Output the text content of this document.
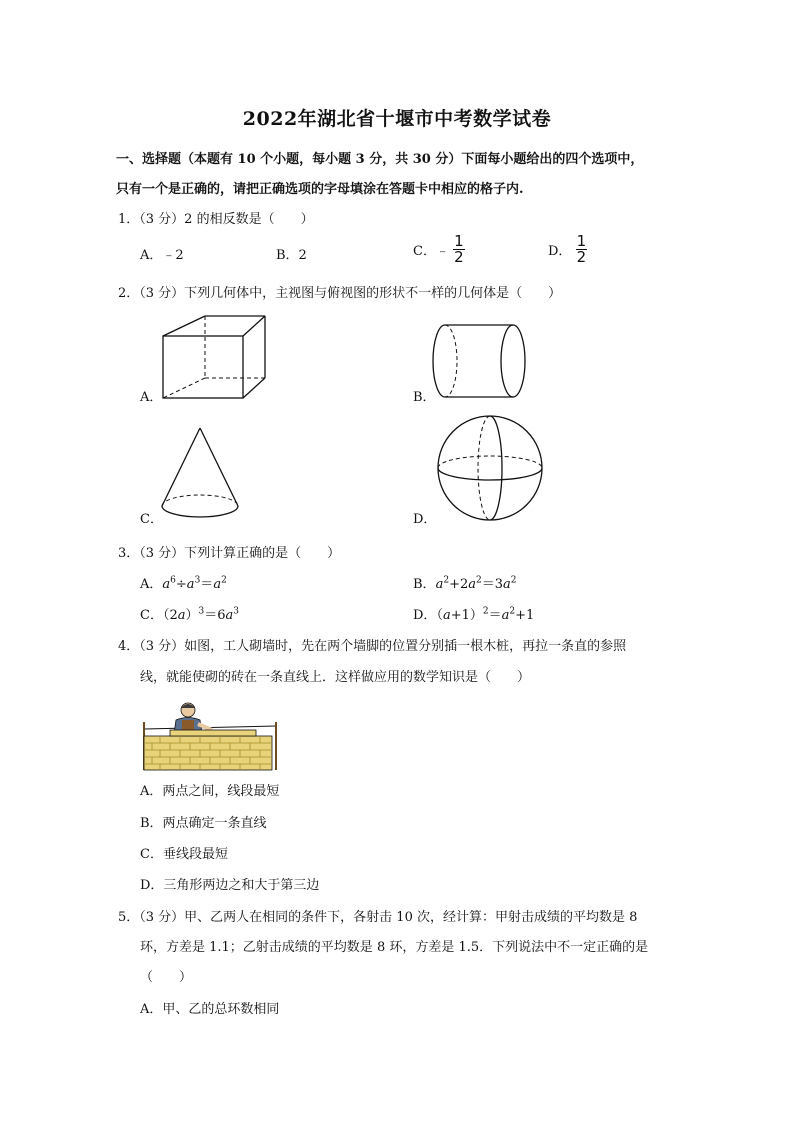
2022年湖北省十堰市中考数学试卷
一、选择题（本题有 10 个小题，每小题 3 分，共 30 分）下面每小题给出的四个选项中，
只有一个是正确的，请把正确选项的字母填涂在答题卡中相应的格子内.
1．（3 分）2 的相反数是（　　）
A．﹣2	B．2	C．﹣ $\frac{1}{2}$	D． $\frac{1}{2}$
2．（3 分）下列几何体中，主视图与俯视图的形状不一样的几何体是（　　）
A．	B．
C．	D．
3．（3 分）下列计算正确的是（　　）
A．$a^6\div a^3=a^2$	B．$a^2+2a^2=3a^2$
C．$(2a)^3=6a^3$	D．$(a+1)^2=a^2+1$
4．（3 分）如图，工人砌墙时，先在两个墙脚的位置分别插一根木桩，再拉一条直的参照
线，就能使砌的砖在一条直线上．这样做应用的数学知识是（　　）
A．两点之间，线段最短
B．两点确定一条直线
C．垂线段最短
D．三角形两边之和大于第三边
5．（3 分）甲、乙两人在相同的条件下，各射击 10 次，经计算：甲射击成绩的平均数是 8
环，方差是 1.1；乙射击成绩的平均数是 8 环，方差是 1.5．下列说法中不一定正确的是
（　　）
A．甲、乙的总环数相同
